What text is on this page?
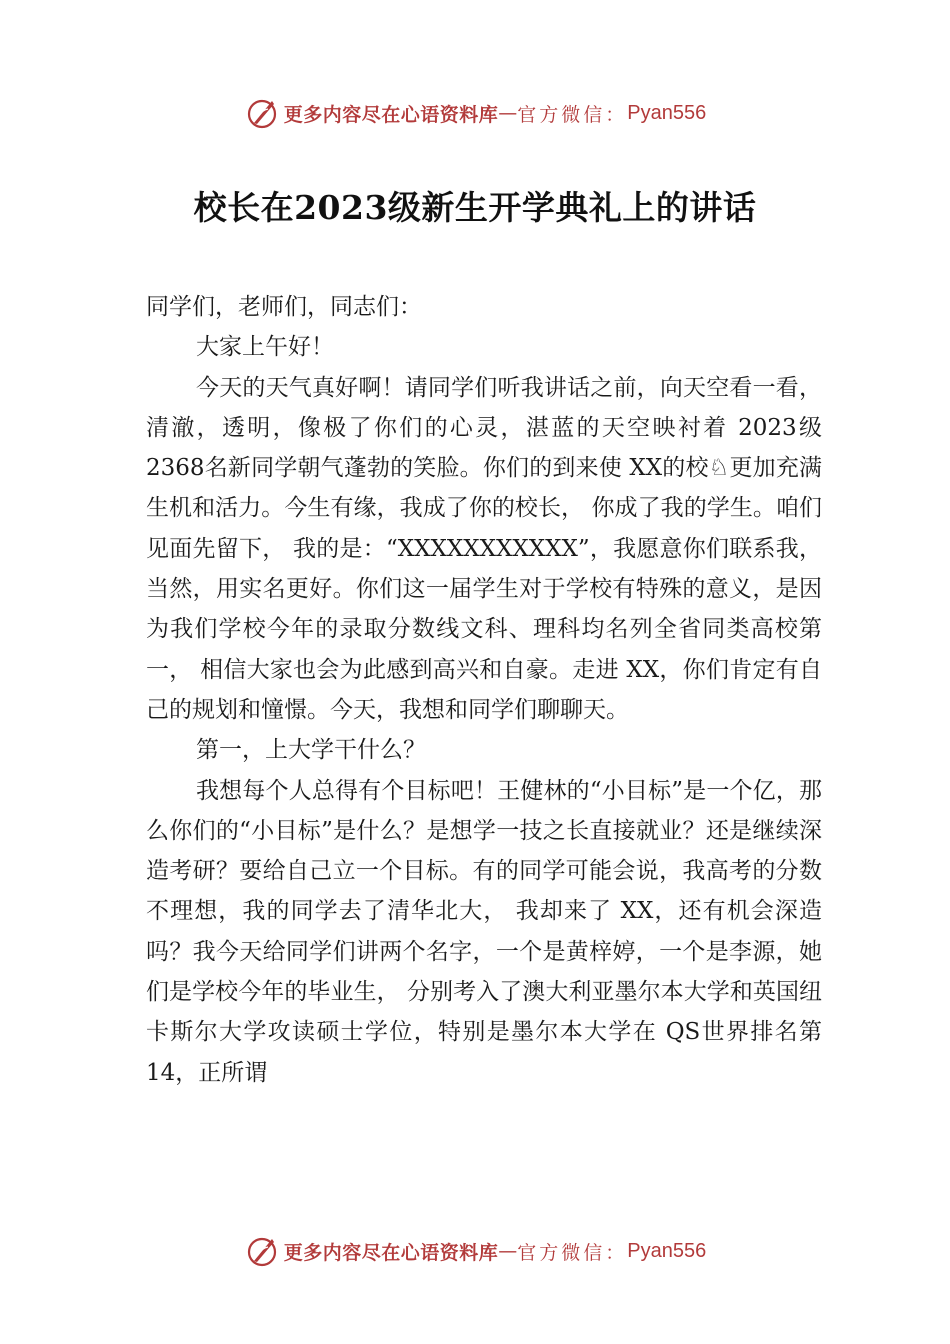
更多内容尽在心语资料库 — 官方微信： Pyan556
校长在2023级新生开学典礼上的讲话

同学们，老师们，同志们：

大家上午好！

今天的天气真好啊！请同学们听我讲话之前，向天空看一看，清澈，透明，像极了你们的心灵，湛蓝的天空映衬着 2023级 2368名新同学朝气蓬勃的笑脸。你们的到来使 XX的校♘更加充满生机和活力。今生有缘，我成了你的校长， 你成了我的学生。咱们见面先留下， 我的是：“XXXXXXXXXXX”，我愿意你们联系我，当然，用实名更好。你们这一届学生对于学校有特殊的意义，是因为我们学校今年的录取分数线文科、理科均名列全省同类高校第一， 相信大家也会为此感到高兴和自豪。走进 XX，你们肯定有自己的规划和憧憬。今天，我想和同学们聊聊天。

第一，上大学干什么？

我想每个人总得有个目标吧！王健林的“小目标”是一个亿，那么你们的“小目标”是什么？是想学一技之长直接就业？还是继续深造考研？要给自己立一个目标。有的同学可能会说，我高考的分数不理想，我的同学去了清华北大， 我却来了 XX，还有机会深造吗？我今天给同学们讲两个名字，一个是黄梓婷，一个是李源，她们是学校今年的毕业生， 分别考入了澳大利亚墨尔本大学和英国纽卡斯尔大学攻读硕士学位，特别是墨尔本大学在 QS世界排名第 14，正所谓

更多内容尽在心语资料库 — 官方微信： Pyan556
